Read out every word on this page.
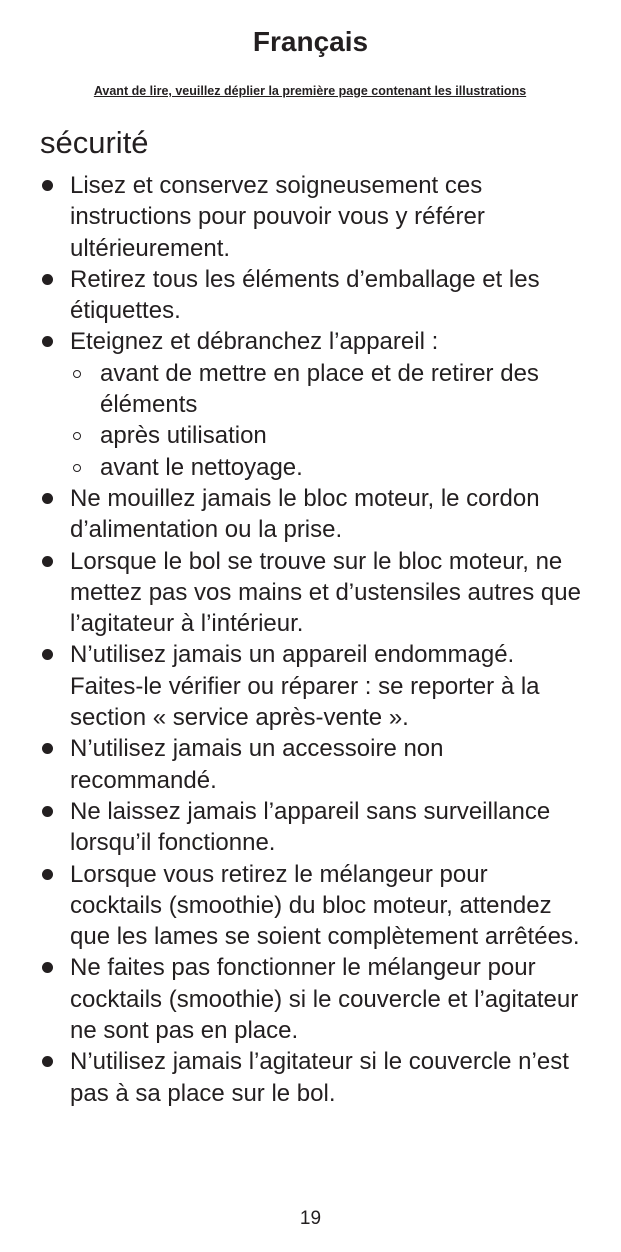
Français
Avant de lire, veuillez déplier la première page contenant les illustrations
sécurité
Lisez et conservez soigneusement ces instructions pour pouvoir vous y référer ultérieurement.
Retirez tous les éléments d’emballage et les étiquettes.
Eteignez et débranchez l’appareil :
avant de mettre en place et de retirer des éléments
après utilisation
avant le nettoyage.
Ne mouillez jamais le bloc moteur, le cordon d’alimentation ou la prise.
Lorsque le bol se trouve sur le bloc moteur, ne mettez pas vos mains et d’ustensiles autres que l’agitateur à l’intérieur.
N’utilisez jamais un appareil endommagé. Faites-le vérifier ou réparer : se reporter à la section « service après-vente ».
N’utilisez jamais un accessoire non recommandé.
Ne laissez jamais l’appareil sans surveillance lorsqu’il fonctionne.
Lorsque vous retirez le mélangeur pour cocktails (smoothie) du bloc moteur, attendez que les lames se soient complètement arrêtées.
Ne faites pas fonctionner le mélangeur pour cocktails (smoothie) si le couvercle et l’agitateur ne sont pas en place.
N’utilisez jamais l’agitateur si le couvercle n’est pas à sa place sur le bol.
19
